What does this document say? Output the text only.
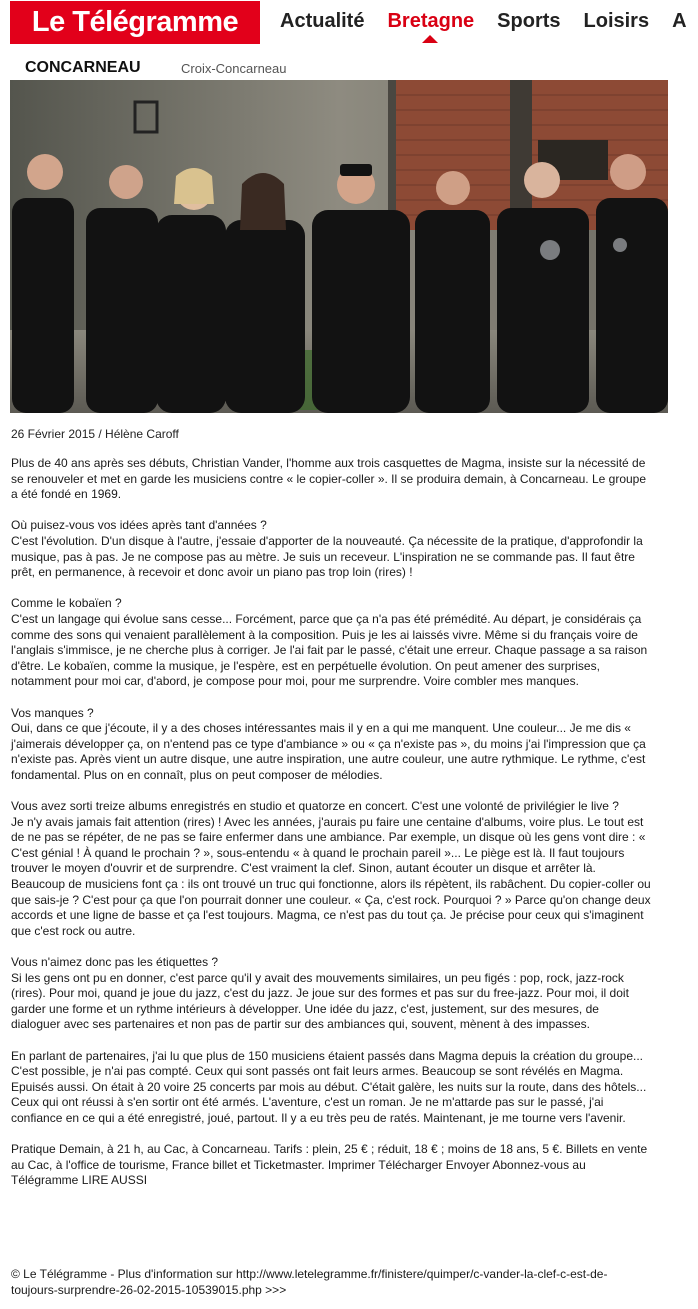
Le Télégramme	Actualité	Bretagne	Sports	Loisirs	A
CONCARNEAU	Croix-Concarneau
26 Février 2015 / Hélène Caroff

Plus de 40 ans après ses débuts, Christian Vander, l'homme aux trois casquettes de Magma, insiste sur la nécessité de se renouveler et met en garde les musiciens contre « le copier-coller ». Il se produira demain, à Concarneau. Le groupe a été fondé en 1969.

Où puisez-vous vos idées après tant d'années ?
C'est l'évolution. D'un disque à l'autre, j'essaie d'apporter de la nouveauté. Ça nécessite de la pratique, d'approfondir la musique, pas à pas. Je ne compose pas au mètre. Je suis un receveur. L'inspiration ne se commande pas. Il faut être prêt, en permanence, à recevoir et donc avoir un piano pas trop loin (rires) !

Comme le kobaïen ?
C'est un langage qui évolue sans cesse... Forcément, parce que ça n'a pas été prémédité. Au départ, je considérais ça comme des sons qui venaient parallèlement à la composition. Puis je les ai laissés vivre. Même si du français voire de l'anglais s'immisce, je ne cherche plus à corriger. Je l'ai fait par le passé, c'était une erreur. Chaque passage a sa raison d'être. Le kobaïen, comme la musique, je l'espère, est en perpétuelle évolution. On peut amener des surprises, notamment pour moi car, d'abord, je compose pour moi, pour me surprendre. Voire combler mes manques.

Vos manques ?
Oui, dans ce que j'écoute, il y a des choses intéressantes mais il y en a qui me manquent. Une couleur... Je me dis « j'aimerais développer ça, on n'entend pas ce type d'ambiance » ou « ça n'existe pas », du moins j'ai l'impression que ça n'existe pas. Après vient un autre disque, une autre inspiration, une autre couleur, une autre rythmique. Le rythme, c'est fondamental. Plus on en connaît, plus on peut composer de mélodies.

Vous avez sorti treize albums enregistrés en studio et quatorze en concert. C'est une volonté de privilégier le live ?
Je n'y avais jamais fait attention (rires) ! Avec les années, j'aurais pu faire une centaine d'albums, voire plus. Le tout est de ne pas se répéter, de ne pas se faire enfermer dans une ambiance. Par exemple, un disque où les gens vont dire : « C'est génial ! À quand le prochain ? », sous-entendu « à quand le prochain pareil »... Le piège est là. Il faut toujours trouver le moyen d'ouvrir et de surprendre. C'est vraiment la clef. Sinon, autant écouter un disque et arrêter là. Beaucoup de musiciens font ça : ils ont trouvé un truc qui fonctionne, alors ils répètent, ils rabâchent. Du copier-coller ou que sais-je ? C'est pour ça que l'on pourrait donner une couleur. « Ça, c'est rock. Pourquoi ? » Parce qu'on change deux accords et une ligne de basse et ça l'est toujours. Magma, ce n'est pas du tout ça. Je précise pour ceux qui s'imaginent que c'est rock ou autre.

Vous n'aimez donc pas les étiquettes ?
Si les gens ont pu en donner, c'est parce qu'il y avait des mouvements similaires, un peu figés : pop, rock, jazz-rock (rires). Pour moi, quand je joue du jazz, c'est du jazz. Je joue sur des formes et pas sur du free-jazz. Pour moi, il doit garder une forme et un rythme intérieurs à développer. Une idée du jazz, c'est, justement, sur des mesures, de dialoguer avec ses partenaires et non pas de partir sur des ambiances qui, souvent, mènent à des impasses.

En parlant de partenaires, j'ai lu que plus de 150 musiciens étaient passés dans Magma depuis la création du groupe...
C'est possible, je n'ai pas compté. Ceux qui sont passés ont fait leurs armes. Beaucoup se sont révélés en Magma. Epuisés aussi. On était à 20 voire 25 concerts par mois au début. C'était galère, les nuits sur la route, dans des hôtels... Ceux qui ont réussi à s'en sortir ont été armés. L'aventure, c'est un roman. Je ne m'attarde pas sur le passé, j'ai confiance en ce qui a été enregistré, joué, partout. Il y a eu très peu de ratés. Maintenant, je me tourne vers l'avenir.

Pratique Demain, à 21 h, au Cac, à Concarneau. Tarifs : plein, 25 € ; réduit, 18 € ; moins de 18 ans, 5 €. Billets en vente au Cac, à l'office de tourisme, France billet et Ticketmaster. Imprimer Télécharger Envoyer Abonnez-vous au Télégramme LIRE AUSSI

© Le Télégramme - Plus d'information sur http://www.letelegramme.fr/finistere/quimper/c-vander-la-clef-c-est-de-toujours-surprendre-26-02-2015-10539015.php >>>
